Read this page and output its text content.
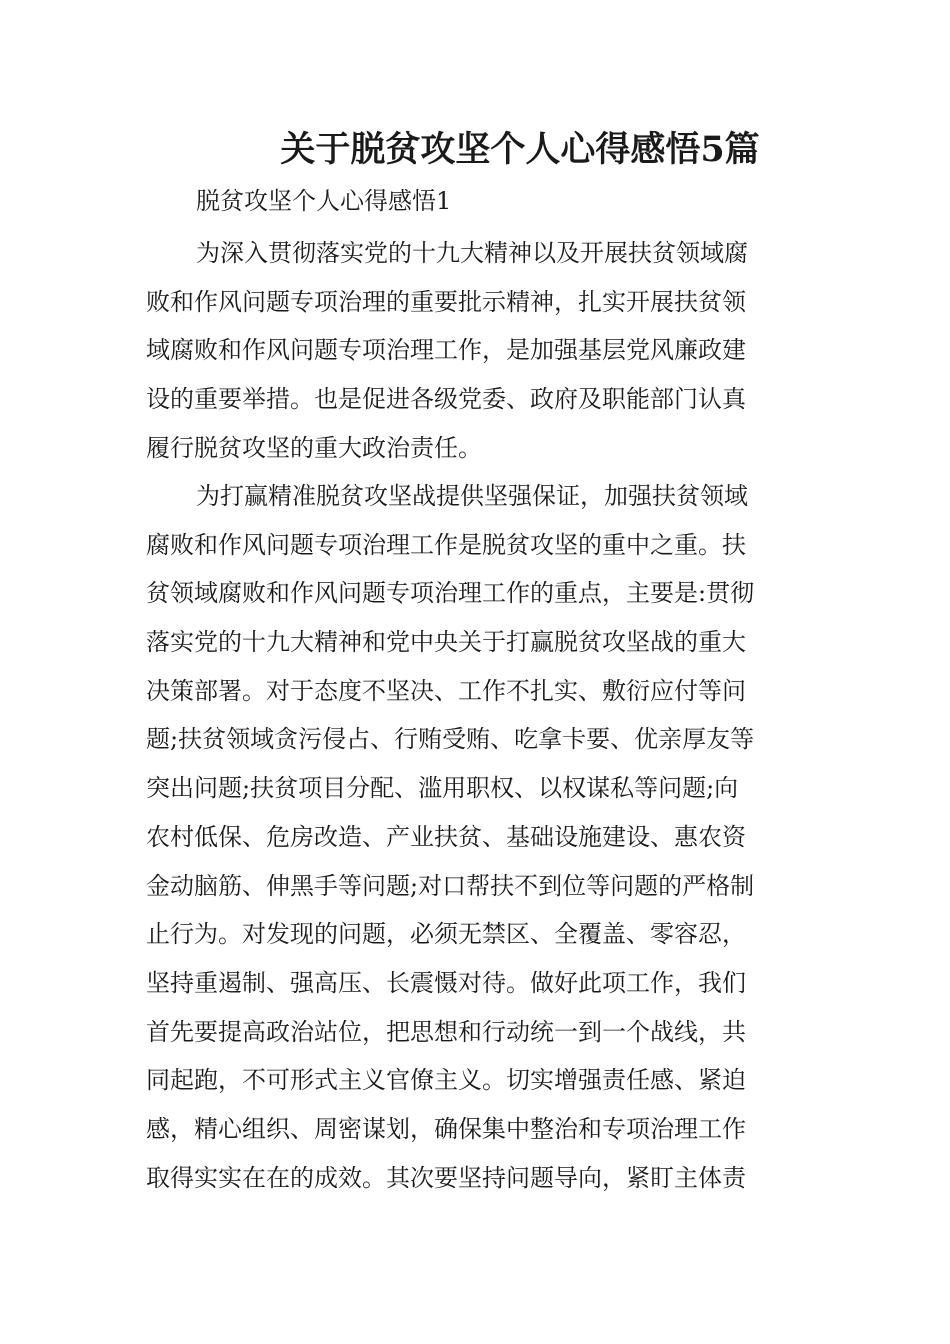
关于脱贫攻坚个人心得感悟5篇
脱贫攻坚个人心得感悟1
为深入贯彻落实党的十九大精神以及开展扶贫领域腐
败和作风问题专项治理的重要批示精神，扎实开展扶贫领
域腐败和作风问题专项治理工作，是加强基层党风廉政建
设的重要举措。也是促进各级党委、政府及职能部门认真
履行脱贫攻坚的重大政治责任。
为打赢精准脱贫攻坚战提供坚强保证，加强扶贫领域
腐败和作风问题专项治理工作是脱贫攻坚的重中之重。扶
贫领域腐败和作风问题专项治理工作的重点，主要是:贯彻
落实党的十九大精神和党中央关于打赢脱贫攻坚战的重大
决策部署。对于态度不坚决、工作不扎实、敷衍应付等问
题;扶贫领域贪污侵占、行贿受贿、吃拿卡要、优亲厚友等
突出问题;扶贫项目分配、滥用职权、以权谋私等问题;向
农村低保、危房改造、产业扶贫、基础设施建设、惠农资
金动脑筋、伸黑手等问题;对口帮扶不到位等问题的严格制
止行为。对发现的问题，必须无禁区、全覆盖、零容忍，
坚持重遏制、强高压、长震慑对待。做好此项工作，我们
首先要提高政治站位，把思想和行动统一到一个战线，共
同起跑，不可形式主义官僚主义。切实增强责任感、紧迫
感，精心组织、周密谋划，确保集中整治和专项治理工作
取得实实在在的成效。其次要坚持问题导向，紧盯主体责
